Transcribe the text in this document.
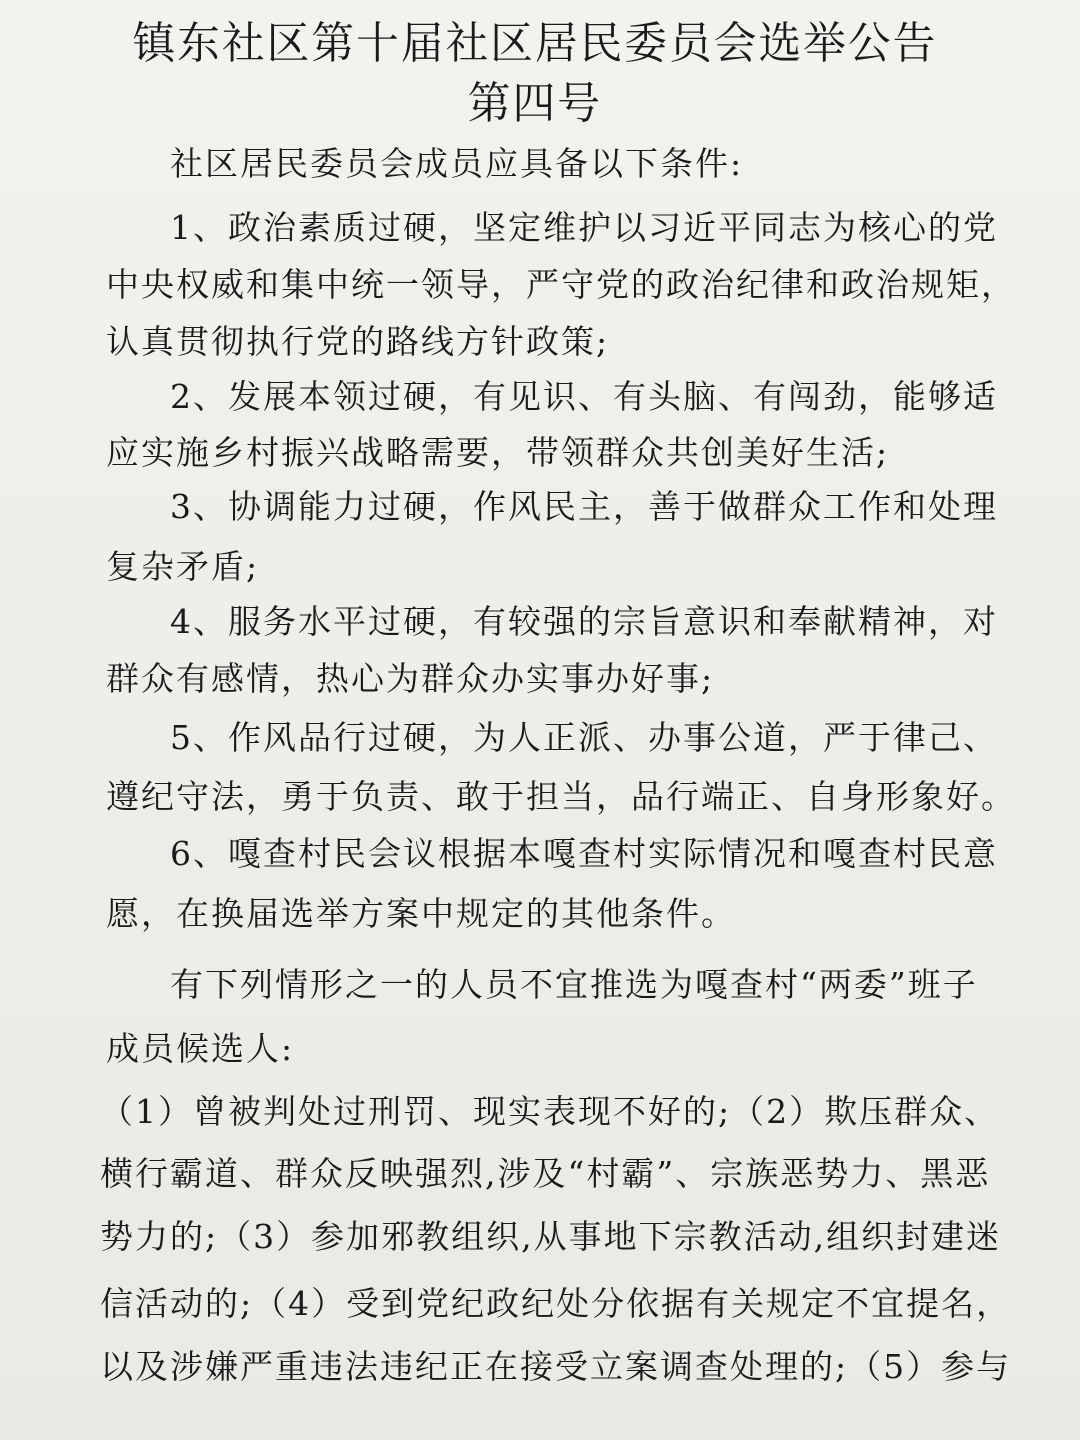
镇东社区第十届社区居民委员会选举公告
第四号
社区居民委员会成员应具备以下条件:
1、政治素质过硬，坚定维护以习近平同志为核心的党
中央权威和集中统一领导，严守党的政治纪律和政治规矩，
认真贯彻执行党的路线方针政策;
2、发展本领过硬，有见识、有头脑、有闯劲，能够适
应实施乡村振兴战略需要，带领群众共创美好生活;
3、协调能力过硬，作风民主，善于做群众工作和处理
复杂矛盾;
4、服务水平过硬，有较强的宗旨意识和奉献精神，对
群众有感情，热心为群众办实事办好事;
5、作风品行过硬，为人正派、办事公道，严于律己、
遵纪守法，勇于负责、敢于担当，品行端正、自身形象好。
6、嘎查村民会议根据本嘎查村实际情况和嘎查村民意
愿，在换届选举方案中规定的其他条件。
有下列情形之一的人员不宜推选为嘎查村“两委”班子
成员候选人:
（1）曾被判处过刑罚、现实表现不好的;（2）欺压群众、
横行霸道、群众反映强烈,涉及“村霸”、宗族恶势力、黑恶
势力的;（3）参加邪教组织,从事地下宗教活动,组织封建迷
信活动的;（4）受到党纪政纪处分依据有关规定不宜提名，
以及涉嫌严重违法违纪正在接受立案调查处理的;（5）参与
